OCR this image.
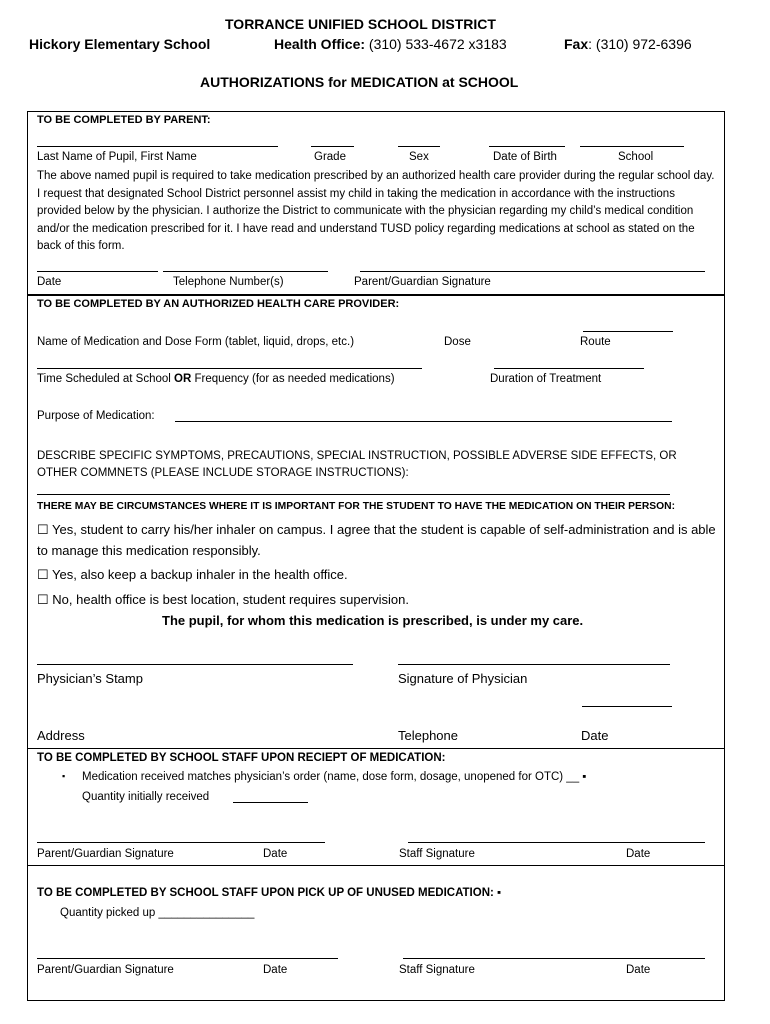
TORRANCE UNIFIED SCHOOL DISTRICT
Hickory Elementary School	Health Office: (310) 533-4672 x3183	Fax: (310) 972-6396
AUTHORIZATIONS for MEDICATION at SCHOOL
TO BE COMPLETED BY PARENT:
Last Name of Pupil, First Name	Grade	Sex	Date of Birth	School
The above named pupil is required to take medication prescribed by an authorized health care provider during the regular school day. I request that designated School District personnel assist my child in taking the medication in accordance with the instructions provided below by the physician. I authorize the District to communicate with the physician regarding my child’s medical condition and/or the medication prescribed for it. I have read and understand TUSD policy regarding medications at school as stated on the back of this form.
Date	Telephone Number(s)	Parent/Guardian Signature
TO BE COMPLETED BY AN AUTHORIZED HEALTH CARE PROVIDER:
Name of Medication and Dose Form (tablet, liquid, drops, etc.)	Dose	Route
Time Scheduled at School OR Frequency (for as needed medications)	Duration of Treatment
Purpose of Medication:
DESCRIBE SPECIFIC SYMPTOMS, PRECAUTIONS, SPECIAL INSTRUCTION, POSSIBLE ADVERSE SIDE EFFECTS, OR OTHER COMMNETS (PLEASE INCLUDE STORAGE INSTRUCTIONS):
THERE MAY BE CIRCUMSTANCES WHERE IT IS IMPORTANT FOR THE STUDENT TO HAVE THE MEDICATION ON THEIR PERSON:
☐ Yes, student to carry his/her inhaler on campus. I agree that the student is capable of self-administration and is able to manage this medication responsibly.
☐ Yes, also keep a backup inhaler in the health office.
☐ No, health office is best location, student requires supervision.
The pupil, for whom this medication is prescribed, is under my care.
Physician’s Stamp	Signature of Physician
Address	Telephone	Date
TO BE COMPLETED BY SCHOOL STAFF UPON RECIEPT OF MEDICATION:
▪ Medication received matches physician’s order (name, dose form, dosage, unopened for OTC) __ ▪
Quantity initially received
Parent/Guardian Signature	Date	Staff Signature	Date
TO BE COMPLETED BY SCHOOL STAFF UPON PICK UP OF UNUSED MEDICATION: ▪
Quantity picked up _______________
Parent/Guardian Signature	Date	Staff Signature	Date
